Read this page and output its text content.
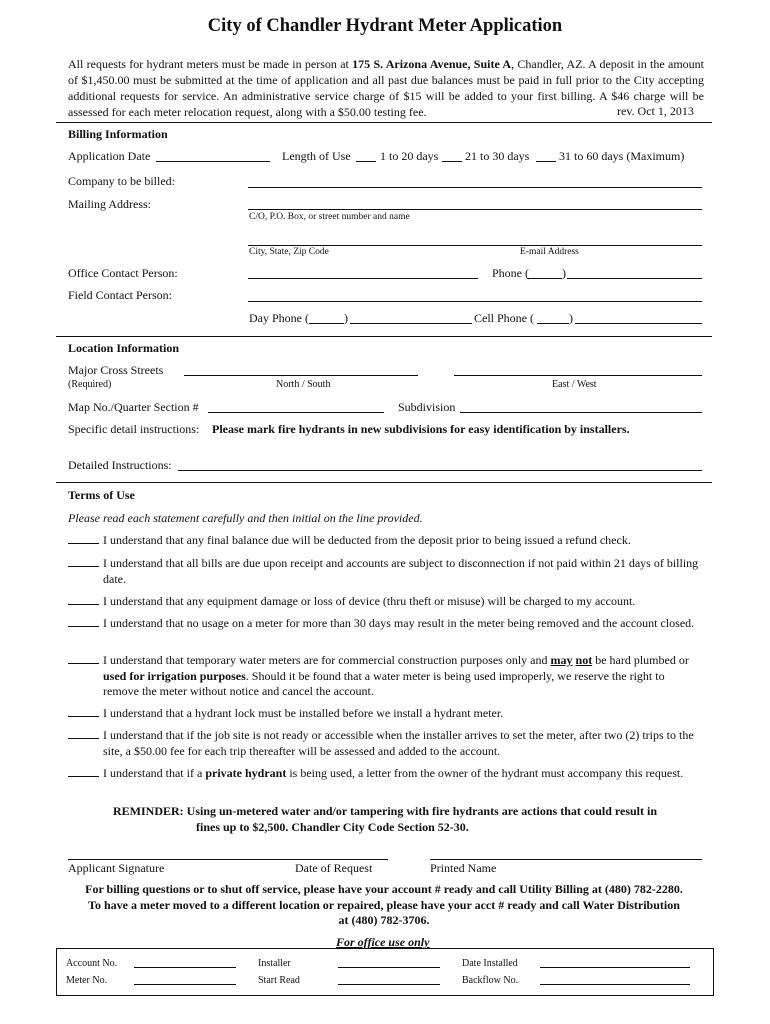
City of Chandler Hydrant Meter Application

All requests for hydrant meters must be made in person at 175 S. Arizona Avenue, Suite A, Chandler, AZ. A deposit in the amount of $1,450.00 must be submitted at the time of application and all past due balances must be paid in full prior to the City accepting additional requests for service. An administrative service charge of $15 will be added to your first billing. A $46 charge will be assessed for each meter relocation request, along with a $50.00 testing fee.	rev. Oct 1, 2013
Billing Information
Application Date	Length of Use 1 to 20 days 21 to 30 days 31 to 60 days (Maximum)
Company to be billed:
Mailing Address:
C/O, P.O. Box, or street number and name
City, State, Zip Code	E-mail Address
Office Contact Person:	Phone (	)
Field Contact Person:
Day Phone (	)	Cell Phone (	)
Location Information
Major Cross Streets
(Required)	North / South	East / West
Map No./Quarter Section #	Subdivision
Specific detail instructions: Please mark fire hydrants in new subdivisions for easy identification by installers.
Detailed Instructions:
Terms of Use
Please read each statement carefully and then initial on the line provided.
I understand that any final balance due will be deducted from the deposit prior to being issued a refund check.
I understand that all bills are due upon receipt and accounts are subject to disconnection if not paid within 21 days of billing date.
I understand that any equipment damage or loss of device (thru theft or misuse) will be charged to my account.
I understand that no usage on a meter for more than 30 days may result in the meter being removed and the account closed.
I understand that temporary water meters are for commercial construction purposes only and may not be hard plumbed or used for irrigation purposes. Should it be found that a water meter is being used improperly, we reserve the right to remove the meter without notice and cancel the account.
I understand that a hydrant lock must be installed before we install a hydrant meter.
I understand that if the job site is not ready or accessible when the installer arrives to set the meter, after two (2) trips to the site, a $50.00 fee for each trip thereafter will be assessed and added to the account.
I understand that if a private hydrant is being used, a letter from the owner of the hydrant must accompany this request.
REMINDER: Using un-metered water and/or tampering with fire hydrants are actions that could result in
fines up to $2,500. Chandler City Code Section 52-30.
Applicant Signature	Date of Request	Printed Name
For billing questions or to shut off service, please have your account # ready and call Utility Billing at (480) 782-2280.
To have a meter moved to a different location or repaired, please have your acct # ready and call Water Distribution
at (480) 782-3706.
For office use only
Account No.	Installer	Date Installed
Meter No.	Start Read	Backflow No.
